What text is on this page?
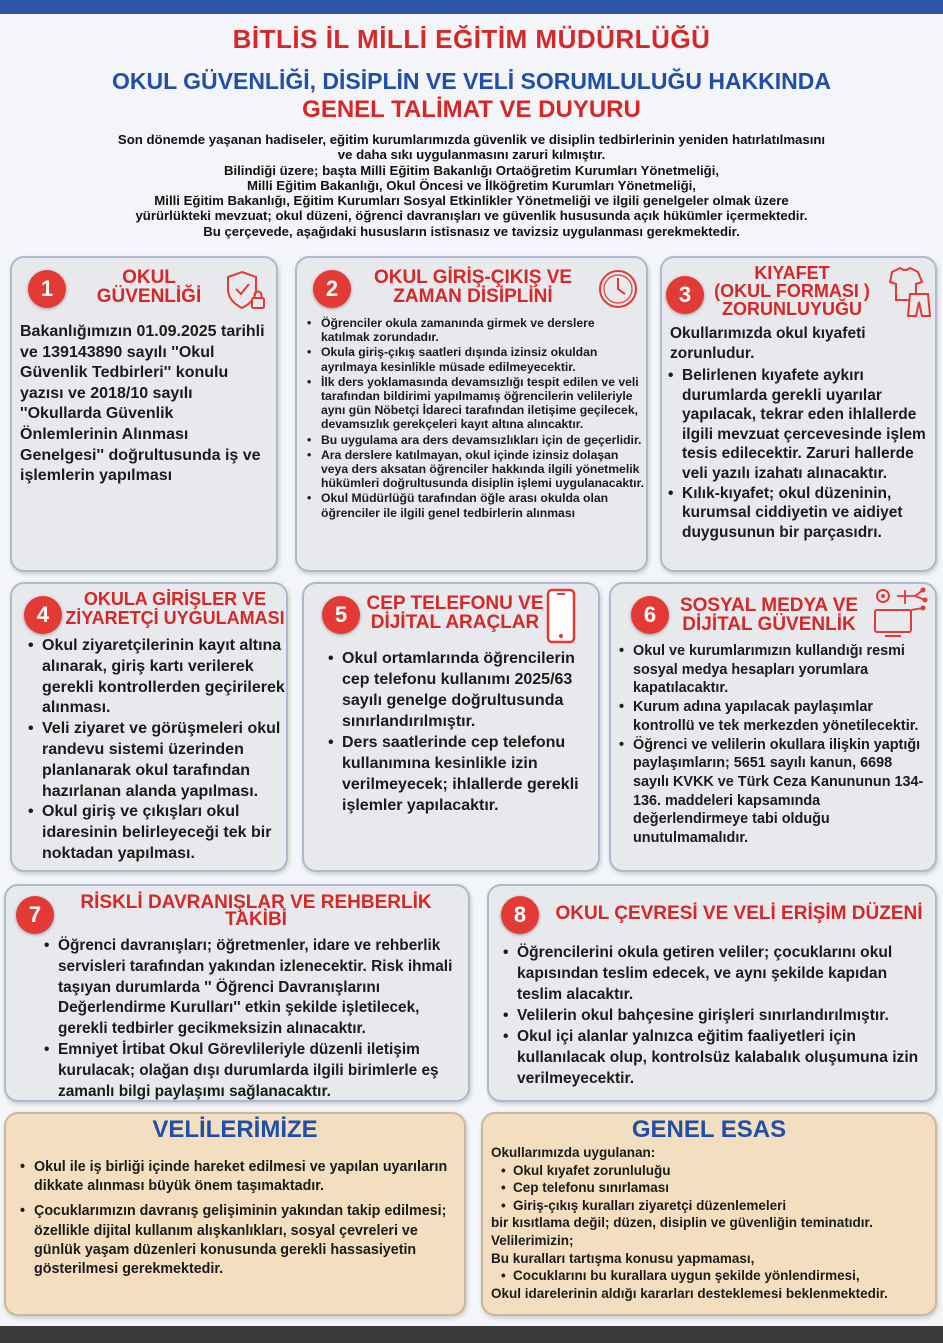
BİTLİS İL MİLLİ EĞİTİM MÜDÜRLÜĞÜ
OKUL GÜVENLİĞİ, DİSİPLİN VE VELİ SORUMLULUĞU HAKKINDA
GENEL TALİMAT VE DUYURU
Son dönemde yaşanan hadiseler, eğitim kurumlarımızda güvenlik ve disiplin tedbirlerinin yeniden hatırlatılmasını
ve daha sıkı uygulanmasını zaruri kılmıştır.
Bilindiği üzere; başta Milli Eğitim Bakanlığı Ortaöğretim Kurumları Yönetmeliği,
Milli Eğitim Bakanlığı, Okul Öncesi ve İlköğretim Kurumları Yönetmeliği,
Milli Eğitim Bakanlığı, Eğitim Kurumları Sosyal Etkinlikler Yönetmeliği ve ilgili genelgeler olmak üzere
yürürlükteki mevzuat; okul düzeni, öğrenci davranışları ve güvenlik hususunda açık hükümler içermektedir.
Bu çerçevede, aşağıdaki hususların istisnasız ve tavizsiz uygulanması gerekmektedir.
1	OKUL
GÜVENLİĞİ
Bakanlığımızın 01.09.2025 tarihli ve 139143890 sayılı ''Okul Güvenlik Tedbirleri'' konulu yazısı ve 2018/10 sayılı ''Okullarda Güvenlik Önlemlerinin Alınması Genelgesi'' doğrultusunda iş ve işlemlerin yapılması
2	OKUL GİRİŞ-ÇIKIŞ VE
ZAMAN DİSİPLİNİ
• Öğrenciler okula zamanında girmek ve derslere katılmak zorundadır.
• Okula giriş-çıkış saatleri dışında izinsiz okuldan ayrılmaya kesinlikle müsade edilmeyecektir.
• İlk ders yoklamasında devamsızlığı tespit edilen ve veli tarafından bildirimi yapılmamış öğrencilerin velileriyle aynı gün Nöbetçi İdareci tarafından iletişime geçilecek, devamsızlık gerekçeleri kayıt altına alıncaktır.
• Bu uygulama ara ders devamsızlıkları için de geçerlidir.
• Ara derslere katılmayan, okul içinde izinsiz dolaşan veya ders aksatan öğrenciler hakkında ilgili yönetmelik hükümleri doğrultusunda disiplin işlemi uygulanacaktır.
• Okul Müdürlüğü tarafından öğle arası okulda olan öğrenciler ile ilgili genel tedbirlerin alınması
3
KIYAFET
(OKUL FORMASI )
ZORUNLUYUĞU
Okullarımızda okul kıyafeti zorunludur.
• Belirlenen kıyafete aykırı durumlarda gerekli uyarılar yapılacak, tekrar eden ihlallerde ilgili mevzuat çercevesinde işlem tesis edilecektir. Zaruri hallerde veli yazılı izahatı alınacaktır.
• Kılık-kıyafet; okul düzeninin, kurumsal ciddiyetin ve aidiyet duygusunun bir parçasıdrı.
4
OKULA GİRİŞLER VE
ZİYARETÇİ UYGULAMASI
• Okul ziyaretçilerinin kayıt altına alınarak, giriş kartı verilerek gerekli kontrollerden geçirilerek alınması.
• Veli ziyaret ve görüşmeleri okul randevu sistemi üzerinden planlanarak okul tarafından hazırlanan alanda yapılması.
• Okul giriş ve çıkışları okul idaresinin belirleyeceği tek bir noktadan yapılması.
5	CEP TELEFONU VE
DİJİTAL ARAÇLAR
• Okul ortamlarında öğrencilerin cep telefonu kullanımı 2025/63 sayılı genelge doğrultusunda sınırlandırılmıştır.
• Ders saatlerinde cep telefonu kullanımına kesinlikle izin verilmeyecek; ihlallerde gerekli işlemler yapılacaktır.
6	SOSYAL MEDYA VE
DİJİTAL GÜVENLİK
• Okul ve kurumlarımızın kullandığı resmi sosyal medya hesapları yorumlara kapatılacaktır.
• Kurum adına yapılacak paylaşımlar kontrollü ve tek merkezden yönetilecektir.
• Öğrenci ve velilerin okullara ilişkin yaptığı paylaşımların; 5651 sayılı kanun, 6698 sayılı KVKK ve Türk Ceza Kanununun 134-136. maddeleri kapsamında değerlendirmeye tabi olduğu unutulmamalıdır.
7	RİSKLİ DAVRANIŞLAR VE REHBERLİK
TAKİBİ
• Öğrenci davranışları; öğretmenler, idare ve rehberlik servisleri tarafından yakından izlenecektir. Risk ihmali taşıyan durumlarda '' Öğrenci Davranışlarını Değerlendirme Kurulları'' etkin şekilde işletilecek, gerekli tedbirler gecikmeksizin alınacaktır.
• Emniyet İrtibat Okul Görevlileriyle düzenli iletişim kurulacak; olağan dışı durumlarda ilgili birimlerle eş zamanlı bilgi paylaşımı sağlanacaktır.
8	OKUL ÇEVRESİ VE VELİ ERİŞİM DÜZENİ
• Öğrencilerini okula getiren veliler; çocuklarını okul kapısından teslim edecek, ve aynı şekilde kapıdan teslim alacaktır.
• Velilerin okul bahçesine girişleri sınırlandırılmıştır.
• Okul içi alanlar yalnızca eğitim faaliyetleri için kullanılacak olup, kontrolsüz kalabalık oluşumuna izin verilmeyecektir.
VELİLERİMİZE
• Okul ile iş birliği içinde hareket edilmesi ve yapılan uyarıların dikkate alınması büyük önem taşımaktadır.
• Çocuklarımızın davranış gelişiminin yakından takip edilmesi; özellikle dijital kullanım alışkanlıkları, sosyal çevreleri ve günlük yaşam düzenleri konusunda gerekli hassasiyetin gösterilmesi gerekmektedir.
GENEL ESAS
Okullarımızda uygulanan:
• Okul kıyafet zorunluluğu
• Cep telefonu sınırlaması
• Giriş-çıkış kuralları ziyaretçi düzenlemeleri
bir kısıtlama değil; düzen, disiplin ve güvenliğin teminatıdır.
Velilerimizin;
Bu kuralları tartışma konusu yapmaması,
• Cocuklarını bu kurallara uygun şekilde yönlendirmesi,
Okul idarelerinin aldığı kararları desteklemesi beklenmektedir.
